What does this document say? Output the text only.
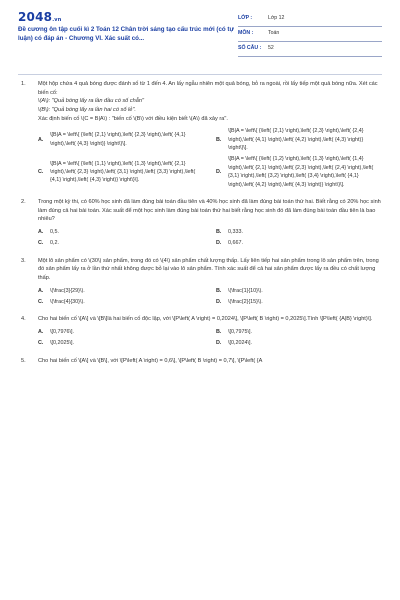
2048.vn
Đề cương ôn tập cuối kì 2 Toán 12 Chân trời sáng tạo cấu trúc mới (có tự luận) có đáp án - Chương VI. Xác suất có...
LỚP :	Lớp 12
MÔN :	Toán
SỐ CÂU :	52
1. Một hộp chứa 4 quả bóng được đánh số từ 1 đến 4. An lấy ngẫu nhiên một quả bóng, bỏ ra ngoài, rồi lấy tiếp một quả bóng nữa. Xét các biến cố:
\(A\): "Quả bóng lấy ra lần đầu có số chẵn"
\(B\): "Quả bóng lấy ra lần hai có số lẻ".
Xác định biến cố \(C = B|A\) : "biến cố \(B\) với điều kiện biết \(A\) đã xảy ra".
A.
\[B|A = \left\{ {\left( {2,1} \right),\left( {2,3} \right),\left( {4,1} \right),\left( {4,3} \right)} \right\}\].
B.
\[B|A = \left\{ {\left( {2,1} \right),\left( {2,3} \right),\left( {2,4} \right),\left( {4,1} \right),\left( {4,2} \right),\left( {4,3} \right)} \right\}\].
C.
\[B|A = \left\{ {\left( {1,1} \right),\left( {1,3} \right),\left( {2,1} \right),\left( {2,3} \right),\left( {3,1} \right),\left( {3,3} \right),\left( {4,1} \right),\left( {4,3} \right)} \right\}\].
D.
\[B|A = \left\{ {\left( {1,2} \right),\left( {1,3} \right),\left( {1,4} \right),\left( {2,1} \right),\left( {2,3} \right),\left( {2,4} \right),\left( {3,1} \right),\left( {3,2} \right),\left( {3,4} \right),\left( {4,1} \right),\left( {4,2} \right),\left( {4,3} \right)} \right\}\].
2. Trong một kỳ thi, có 60% học sinh đã làm đúng bài toán đầu tiên và 40% học sinh đã làm đúng bài toán thứ hai. Biết rằng có 20% học sinh làm đúng cả hai bài toán. Xác suất để một học sinh làm đúng bài toán thứ hai biết rằng học sinh đó đã làm đúng bài toán đầu tiên là bao nhiêu?
A.	0,5.	B.	0,333.
C.	0,2.	D.	0,667.
3. Một lô sản phẩm có \(30\) sản phẩm, trong đó có \(4\) sản phẩm chất lượng thấp. Lấy liên tiếp hai sản phẩm trong lô sản phẩm trên, trong đó sản phẩm lấy ra ở lần thứ nhất không được bỏ lại vào lô sản phẩm. Tính xác suất để cả hai sản phẩm được lấy ra đều có chất lượng thấp.
A.	\(\frac{3}{29}\).	B.	\(\frac{1}{10}\).
C.	\(\frac{4}{30}\).	D.	\(\frac{2}{15}\).
4. Cho hai biến cố \[A\] và \[B\]là hai biến cố độc lập, với \[P\left( A \right) = 0,2024\], \[P\left( B \right) = 0,2025\].Tính \[P\left( {A|B} \right)\].
A.	\[0,7976\].	B.	\[0,7975\].
C.	\[0,2025\].	D.	\[0,2024\].
5. Cho hai biến cố \[A\] và \[B\], với \[P\left( A \right) = 0,6\], \[P\left( B \right) = 0,7\], \[P\left( {A
